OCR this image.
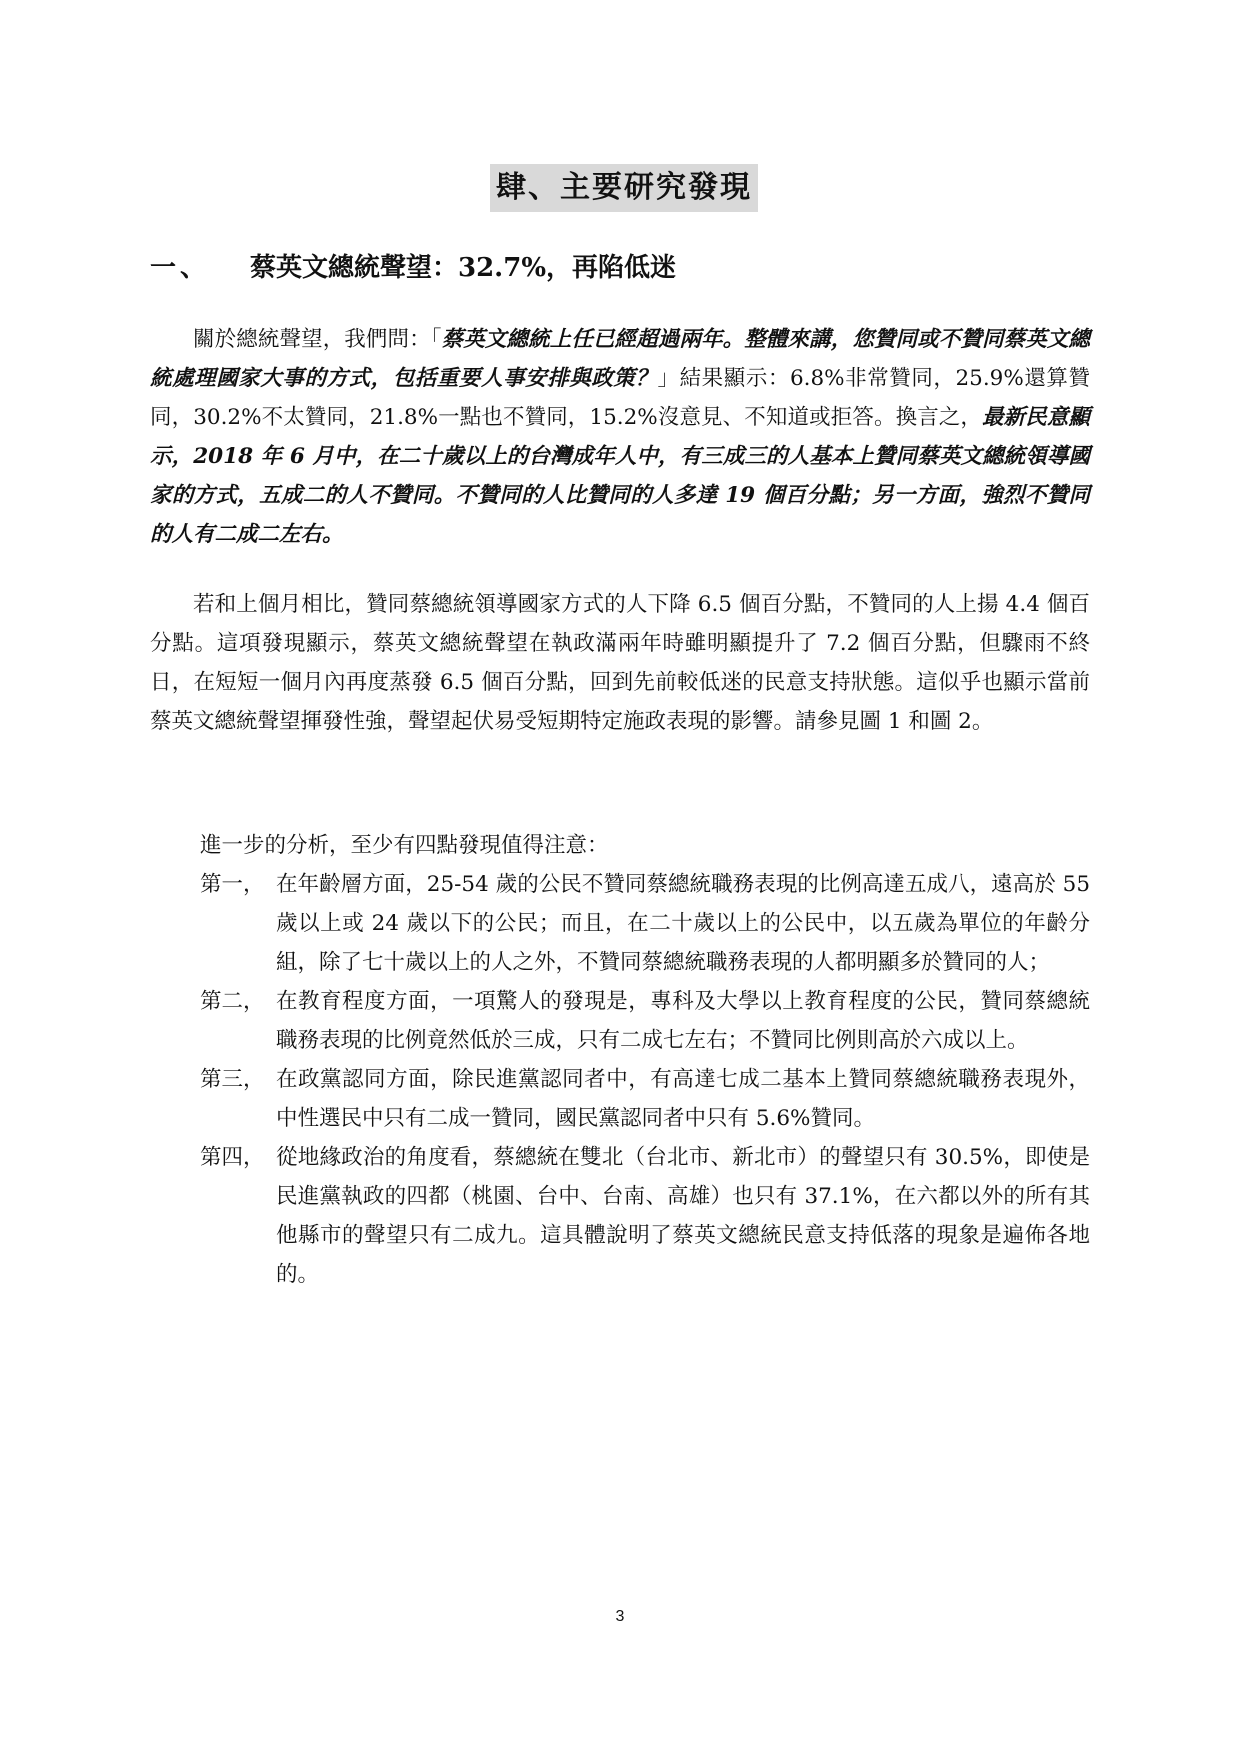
肆、主要研究發現
一、 蔡英文總統聲望：32.7%，再陷低迷

關於總統聲望，我們問：「蔡英文總統上任已經超過兩年。整體來講，您贊同或不贊同蔡英文總統處理國家大事的方式，包括重要人事安排與政策？」結果顯示：6.8%非常贊同，25.9%還算贊同，30.2%不太贊同，21.8%一點也不贊同，15.2%沒意見、不知道或拒答。換言之，最新民意顯示，2018 年 6 月中，在二十歲以上的台灣成年人中，有三成三的人基本上贊同蔡英文總統領導國家的方式，五成二的人不贊同。不贊同的人比贊同的人多達 19 個百分點；另一方面，強烈不贊同的人有二成二左右。

若和上個月相比，贊同蔡總統領導國家方式的人下降 6.5 個百分點，不贊同的人上揚 4.4 個百分點。這項發現顯示，蔡英文總統聲望在執政滿兩年時雖明顯提升了 7.2 個百分點，但驟雨不終日，在短短一個月內再度蒸發 6.5 個百分點，回到先前較低迷的民意支持狀態。這似乎也顯示當前蔡英文總統聲望揮發性強，聲望起伏易受短期特定施政表現的影響。請參見圖 1 和圖 2。

進一步的分析，至少有四點發現值得注意：
第一， 在年齡層方面，25-54 歲的公民不贊同蔡總統職務表現的比例高達五成八，遠高於 55 歲以上或 24 歲以下的公民；而且，在二十歲以上的公民中，以五歲為單位的年齡分組，除了七十歲以上的人之外，不贊同蔡總統職務表現的人都明顯多於贊同的人；
第二， 在教育程度方面，一項驚人的發現是，專科及大學以上教育程度的公民，贊同蔡總統職務表現的比例竟然低於三成，只有二成七左右；不贊同比例則高於六成以上。
第三， 在政黨認同方面，除民進黨認同者中，有高達七成二基本上贊同蔡總統職務表現外，中性選民中只有二成一贊同，國民黨認同者中只有 5.6%贊同。
第四， 從地緣政治的角度看，蔡總統在雙北（台北市、新北市）的聲望只有 30.5%，即使是民進黨執政的四都（桃園、台中、台南、高雄）也只有 37.1%，在六都以外的所有其他縣市的聲望只有二成九。這具體說明了蔡英文總統民意支持低落的現象是遍佈各地的。
3
